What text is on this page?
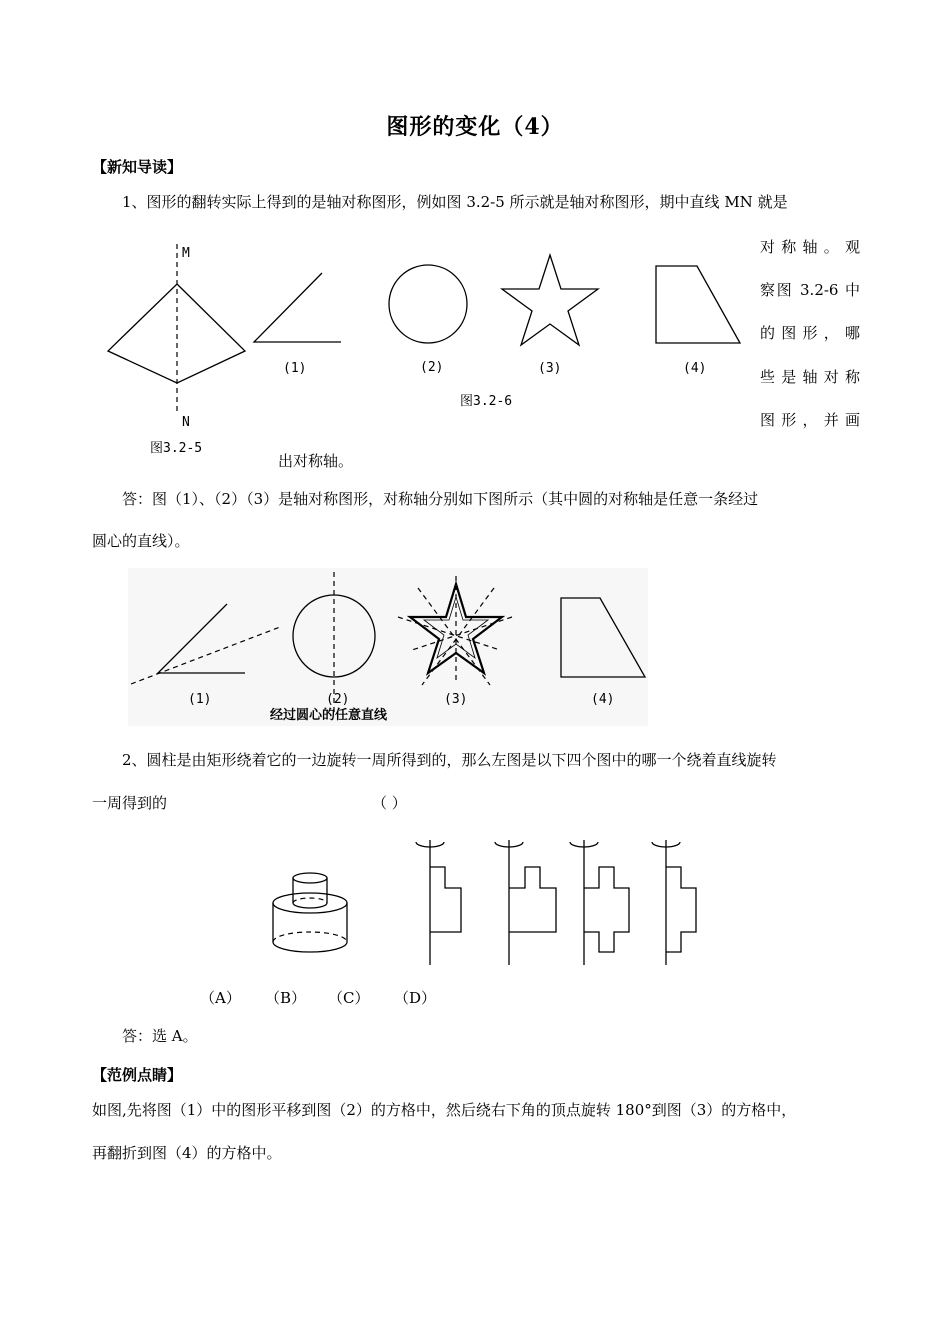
图形的变化（4）
【新知导读】
1、图形的翻转实际上得到的是轴对称图形，例如图 3.2-5 所示就是轴对称图形，期中直线 MN 就是
对称轴。观
察图 3.2-6 中
的图形，哪
些是轴对称
图形，并画
出对称轴。
M
N
图3.2-5
(1)	(2)	(3)	(4)
图3.2-6
答：图（1）、（2）（3）是轴对称图形，对称轴分别如下图所示（其中圆的对称轴是任意一条经过
圆心的直线）。
(1)	(2)	(3)	(4)
经过圆心的任意直线
2、圆柱是由矩形绕着它的一边旋转一周所得到的，那么左图是以下四个图中的哪一个绕着直线旋转
一周得到的	（ ）
（A） （B） （C） （D）
答：选 A。
【范例点睛】
如图,先将图（1）中的图形平移到图（2）的方格中，然后绕右下角的顶点旋转 180°到图（3）的方格中，
再翻折到图（4）的方格中。
